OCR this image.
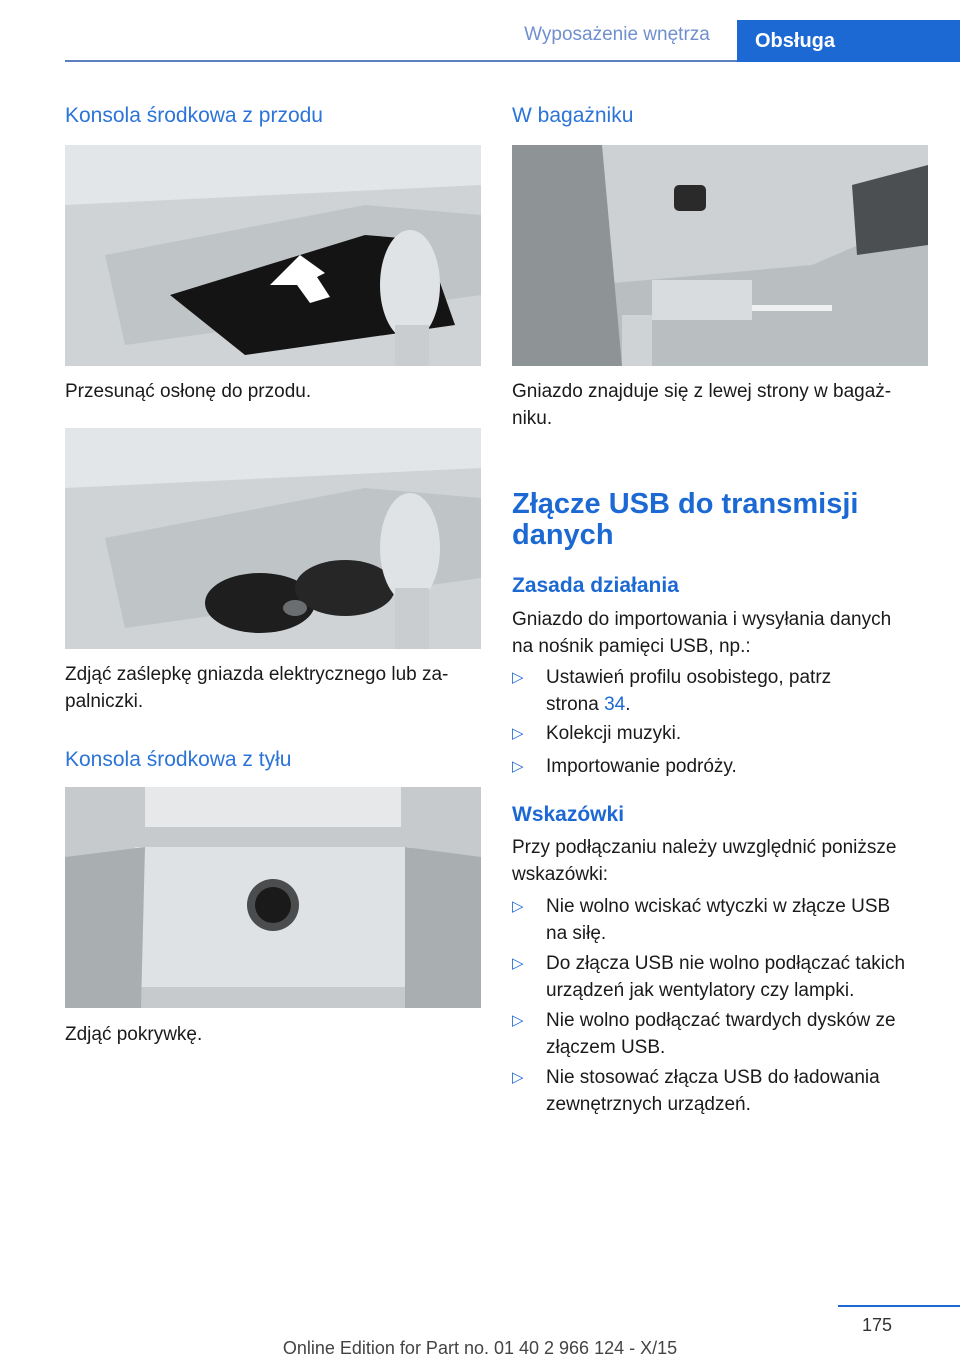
Wyposażenie wnętrza	Obsługa
Konsola środkowa z przodu
Przesunąć osłonę do przodu.
Zdjąć zaślepkę gniazda elektrycznego lub za-
palniczki.
Konsola środkowa z tyłu
Zdjąć pokrywkę.
W bagażniku
Gniazdo znajduje się z lewej strony w bagaż-
niku.
Złącze USB do transmisji
danych
Zasada działania
Gniazdo do importowania i wysyłania danych
na nośnik pamięci USB, np.:
▷ Ustawień profilu osobistego, patrz
strona 34.
▷ Kolekcji muzyki.
▷ Importowanie podróży.
Wskazówki
Przy podłączaniu należy uwzględnić poniższe
wskazówki:
▷ Nie wolno wciskać wtyczki w złącze USB
na siłę.
▷ Do złącza USB nie wolno podłączać takich
urządzeń jak wentylatory czy lampki.
▷ Nie wolno podłączać twardych dysków ze
złączem USB.
▷ Nie stosować złącza USB do ładowania
zewnętrznych urządzeń.
175
Online Edition for Part no. 01 40 2 966 124 - X/15
